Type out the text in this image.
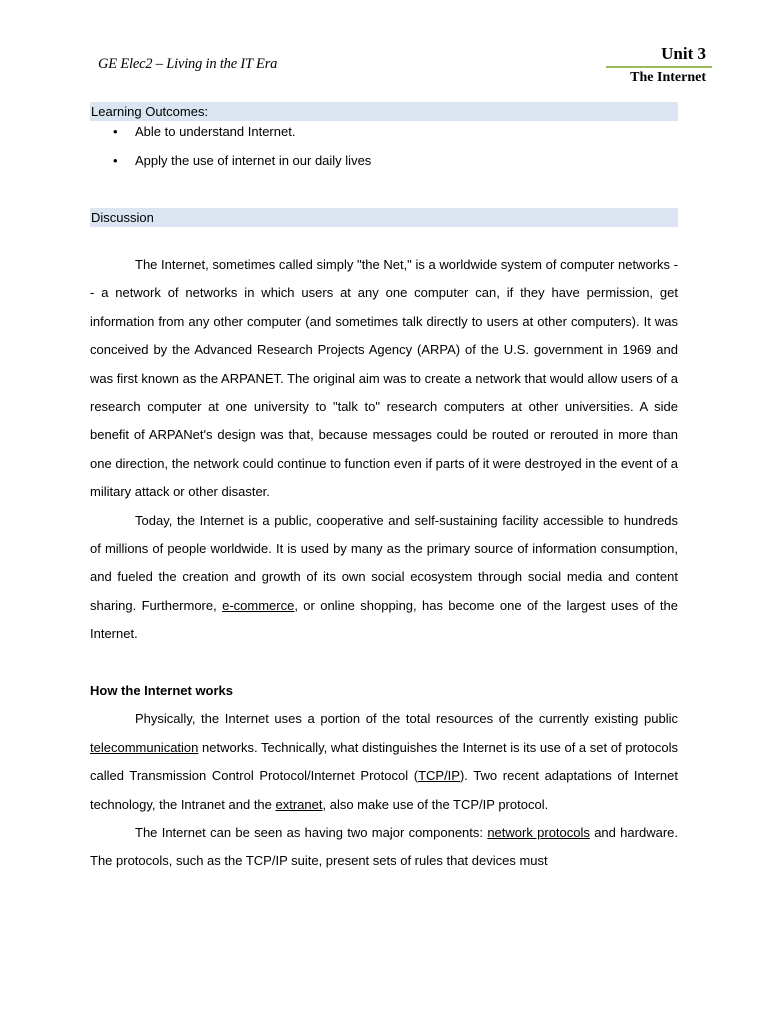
GE Elec2 – Living in the IT Era
Unit 3
The Internet
Learning Outcomes:
• Able to understand Internet.
• Apply the use of internet in our daily lives
Discussion

The Internet, sometimes called simply "the Net," is a worldwide system of computer networks -- a network of networks in which users at any one computer can, if they have permission, get information from any other computer (and sometimes talk directly to users at other computers). It was conceived by the Advanced Research Projects Agency (ARPA) of the U.S. government in 1969 and was first known as the ARPANET. The original aim was to create a network that would allow users of a research computer at one university to "talk to" research computers at other universities. A side benefit of ARPANet's design was that, because messages could be routed or rerouted in more than one direction, the network could continue to function even if parts of it were destroyed in the event of a military attack or other disaster.

Today, the Internet is a public, cooperative and self-sustaining facility accessible to hundreds of millions of people worldwide. It is used by many as the primary source of information consumption, and fueled the creation and growth of its own social ecosystem through social media and content sharing. Furthermore, e-commerce, or online shopping, has become one of the largest uses of the Internet.

How the Internet works

Physically, the Internet uses a portion of the total resources of the currently existing public telecommunication networks. Technically, what distinguishes the Internet is its use of a set of protocols called Transmission Control Protocol/Internet Protocol (TCP/IP). Two recent adaptations of Internet technology, the Intranet and the extranet, also make use of the TCP/IP protocol.

The Internet can be seen as having two major components: network protocols and hardware. The protocols, such as the TCP/IP suite, present sets of rules that devices must
